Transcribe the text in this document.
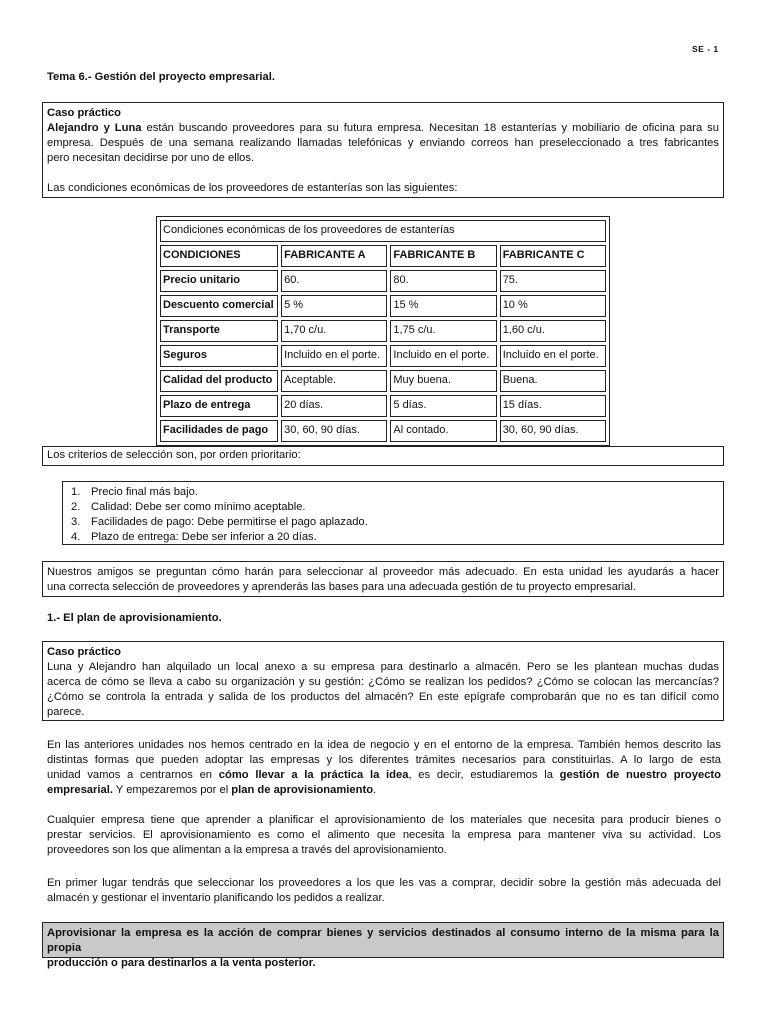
SE - 1
Tema 6.- Gestión del proyecto empresarial.

Caso práctico

Alejandro y Luna están buscando proveedores para su futura empresa. Necesitan 18 estanterías y mobiliario de oficina para su

empresa. Después de una semana realizando llamadas telefónicas y enviando correos han preseleccionado a tres fabricantes

pero necesitan decidirse por uno de ellos.

Las condiciones económicas de los proveedores de estanterías son las siguientes:

Condiciones económicas de los proveedores de estanterías			
CONDICIONES	FABRICANTE A	FABRICANTE B	FABRICANTE C
Precio unitario	60.	80.	75.
Descuento comercial	5 %	15 %	10 %
Transporte	1,70 c/u.	1,75 c/u.	1,60 c/u.
Seguros	Incluido en el porte.	Incluido en el porte.	Incluido en el porte.
Calidad del producto	Aceptable.	Muy buena.	Buena.
Plazo de entrega	20 días.	5 días.	15 días.
Facilidades de pago	30, 60, 90 días.	Al contado.	30, 60, 90 días.

Los criterios de selección son, por orden prioritario:

1. Precio final más bajo.
2. Calidad: Debe ser como mínimo aceptable.
3. Facilidades de pago: Debe permitirse el pago aplazado.
4. Plazo de entrega: Debe ser inferior a 20 días.

Nuestros amigos se preguntan cómo harán para seleccionar al proveedor más adecuado. En esta unidad les ayudarás a hacer

una correcta selección de proveedores y aprenderás las bases para una adecuada gestión de tu proyecto empresarial.

1.- El plan de aprovisionamiento.

Caso práctico

Luna y Alejandro han alquilado un local anexo a su empresa para destinarlo a almacén. Pero se les plantean muchas dudas

acerca de cómo se lleva a cabo su organización y su gestión: ¿Cómo se realizan los pedidos? ¿Cómo se colocan las mercancías?

¿Cómo se controla la entrada y salida de los productos del almacén? En este epígrafe comprobarán que no es tan difícil como

parece.

En las anteriores unidades nos hemos centrado en la idea de negocio y en el entorno de la empresa. También hemos descrito las

distintas formas que pueden adoptar las empresas y los diferentes trámites necesarios para constituirlas. A lo largo de esta

unidad vamos a centrarnos en cómo llevar a la práctica la idea, es decir, estudiaremos la gestión de nuestro proyecto

empresarial. Y empezaremos por el plan de aprovisionamiento.

Cualquier empresa tiene que aprender a planificar el aprovisionamiento de los materiales que necesita para producir bienes o

prestar servicios. El aprovisionamiento es como el alimento que necesita la empresa para mantener viva su actividad. Los

proveedores son los que alimentan a la empresa a través del aprovisionamiento.

En primer lugar tendrás que seleccionar los proveedores a los que les vas a comprar, decidir sobre la gestión más adecuada del

almacén y gestionar el inventario planificando los pedidos a realizar.

Aprovisionar la empresa es la acción de comprar bienes y servicios destinados al consumo interno de la misma para la propia

producción o para destinarlos a la venta posterior.
